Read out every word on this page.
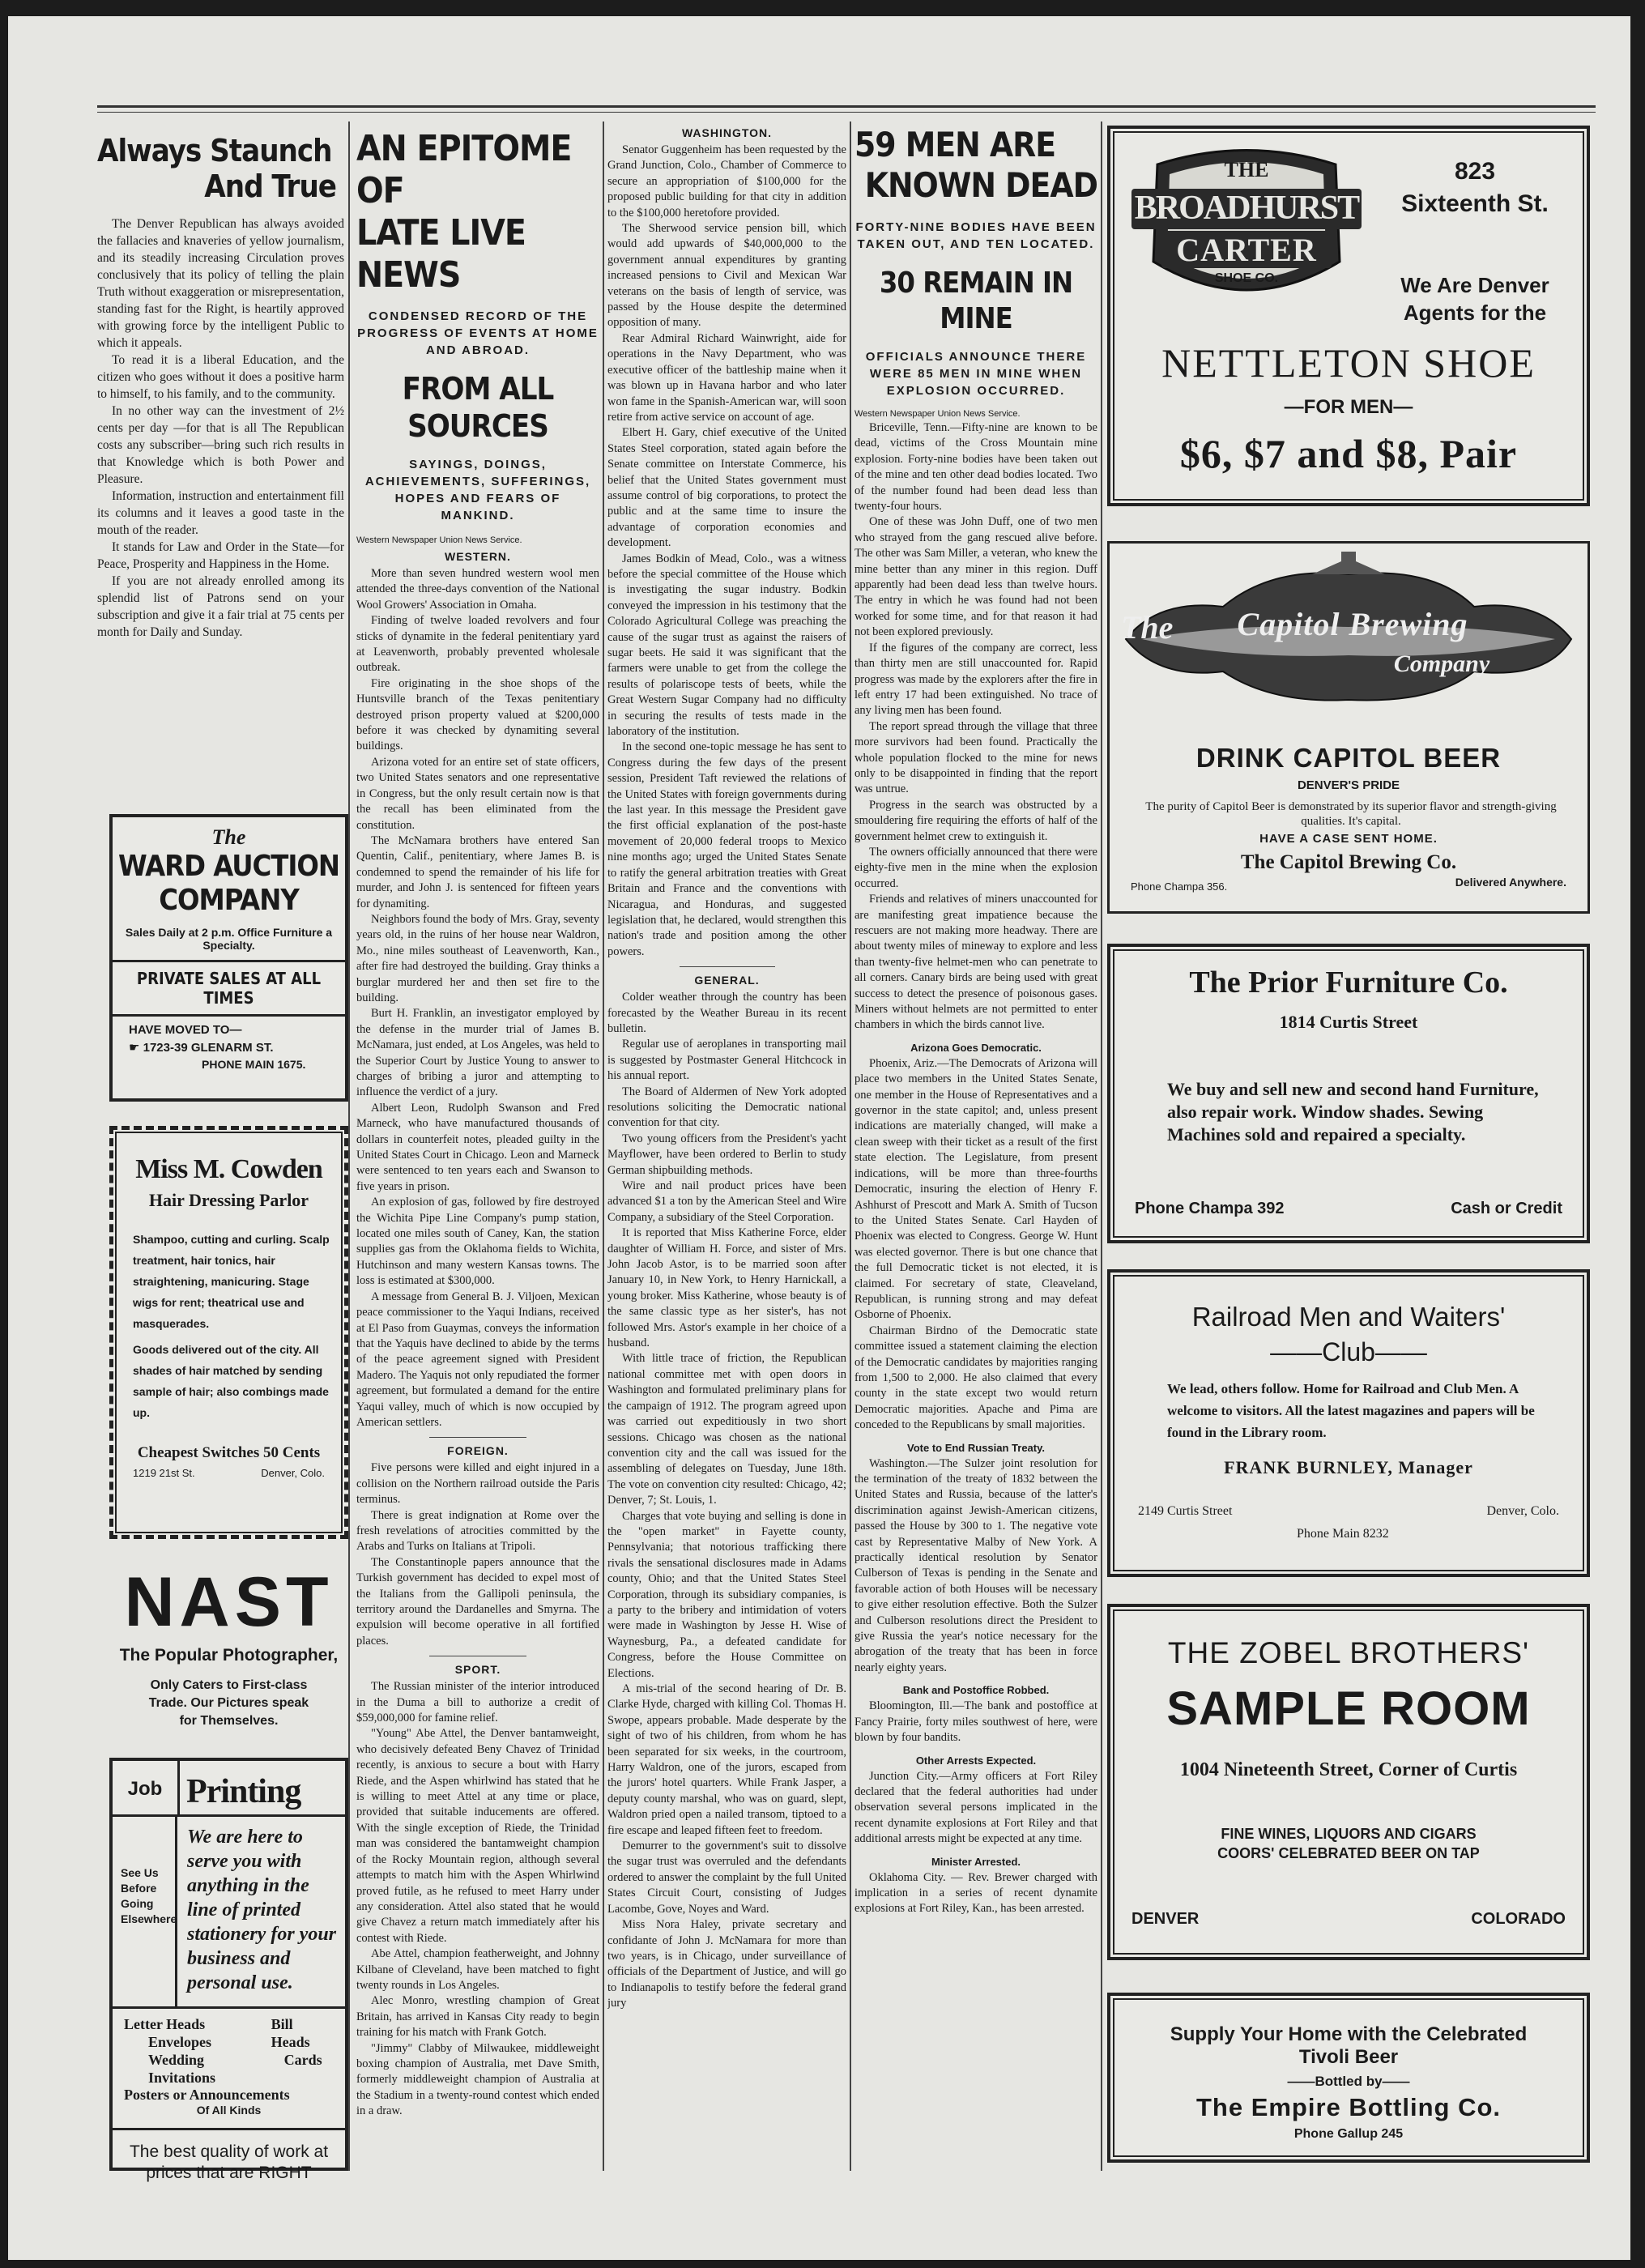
Always Staunch
And True

The Denver Republican has always avoided the fallacies and knaveries of yellow journalism, and its steadily increasing Circulation proves conclusively that its policy of telling the plain Truth without exaggeration or misrepresentation, standing fast for the Right, is heartily approved with growing force by the intelligent Public to which it appeals.

To read it is a liberal Education, and the citizen who goes without it does a positive harm to himself, to his family, and to the community.

In no other way can the investment of 2½ cents per day —for that is all The Republican costs any subscriber—bring such rich results in that Knowledge which is both Power and Pleasure.

Information, instruction and entertainment fill its columns and it leaves a good taste in the mouth of the reader.

It stands for Law and Order in the State—for Peace, Prosperity and Happiness in the Home.

If you are not already enrolled among its splendid list of Patrons send on your subscription and give it a fair trial at 75 cents per month for Daily and Sunday.

The
WARD AUCTION
COMPANY
Sales Daily at 2 p.m. Office Furniture a Specialty.
PRIVATE SALES AT ALL TIMES
HAVE MOVED TO—
☛ 1723-39 GLENARM ST.
PHONE MAIN 1675.
Miss M. Cowden
Hair Dressing Parlor
Shampoo, cutting and curling. Scalp treatment, hair tonics, hair straightening, manicuring. Stage wigs for rent; theatrical use and masquerades.
Goods delivered out of the city. All shades of hair matched by sending sample of hair; also combings made up.
Cheapest Switches 50 Cents
1219 21st St.	Denver, Colo.
NAST
The Popular Photographer,
Only Caters to First-class Trade. Our Pictures speak for Themselves.
Job Printing
See Us Before Going Elsewhere
We are here to serve you with anything in the line of printed stationery for your business and personal use.
Letter Heads
Envelopes
Wedding Invitations
Bill Heads
Cards
Posters or Announcements
Of All Kinds
The best quality of work at prices that are RIGHT
AN EPITOME OF
LATE LIVE NEWS
CONDENSED RECORD OF THE PROGRESS OF EVENTS AT HOME AND ABROAD.
FROM ALL SOURCES
SAYINGS, DOINGS, ACHIEVEMENTS, SUFFERINGS, HOPES AND FEARS OF MANKIND.
Western Newspaper Union News Service.
WESTERN.

More than seven hundred western wool men attended the three-days convention of the National Wool Growers' Association in Omaha.

Finding of twelve loaded revolvers and four sticks of dynamite in the federal penitentiary yard at Leavenworth, probably prevented wholesale outbreak.

Fire originating in the shoe shops of the Huntsville branch of the Texas penitentiary destroyed prison property valued at $200,000 before it was checked by dynamiting several buildings.

Arizona voted for an entire set of state officers, two United States senators and one representative in Congress, but the only result certain now is that the recall has been eliminated from the constitution.

The McNamara brothers have entered San Quentin, Calif., penitentiary, where James B. is condemned to spend the remainder of his life for murder, and John J. is sentenced for fifteen years for dynamiting.

Neighbors found the body of Mrs. Gray, seventy years old, in the ruins of her house near Waldron, Mo., nine miles southeast of Leavenworth, Kan., after fire had destroyed the building. Gray thinks a burglar murdered her and then set fire to the building.

Burt H. Franklin, an investigator employed by the defense in the murder trial of James B. McNamara, just ended, at Los Angeles, was held to the Superior Court by Justice Young to answer to charges of bribing a juror and attempting to influence the verdict of a jury.

Albert Leon, Rudolph Swanson and Fred Marneck, who have manufactured thousands of dollars in counterfeit notes, pleaded guilty in the United States Court in Chicago. Leon and Marneck were sentenced to ten years each and Swanson to five years in prison.

An explosion of gas, followed by fire destroyed the Wichita Pipe Line Company's pump station, located one miles south of Caney, Kan, the station supplies gas from the Oklahoma fields to Wichita, Hutchinson and many western Kansas towns. The loss is estimated at $300,000.

A message from General B. J. Viljoen, Mexican peace commissioner to the Yaqui Indians, received at El Paso from Guaymas, conveys the information that the Yaquis have declined to abide by the terms of the peace agreement signed with President Madero. The Yaquis not only repudiated the former agreement, but formulated a demand for the entire Yaqui valley, much of which is now occupied by American settlers.

FOREIGN.

Five persons were killed and eight injured in a collision on the Northern railroad outside the Paris terminus.

There is great indignation at Rome over the fresh revelations of atrocities committed by the Arabs and Turks on Italians at Tripoli.

The Constantinople papers announce that the Turkish government has decided to expel most of the Italians from the Gallipoli peninsula, the territory around the Dardanelles and Smyrna. The expulsion will become operative in all fortified places.

SPORT.

The Russian minister of the interior introduced in the Duma a bill to authorize a credit of $59,000,000 for famine relief.

"Young" Abe Attel, the Denver bantamweight, who decisively defeated Beny Chavez of Trinidad recently, is anxious to secure a bout with Harry Riede, and the Aspen whirlwind has stated that he is willing to meet Attel at any time or place, provided that suitable inducements are offered. With the single exception of Riede, the Trinidad man was considered the bantamweight champion of the Rocky Mountain region, although several attempts to match him with the Aspen Whirlwind proved futile, as he refused to meet Harry under any consideration. Attel also stated that he would give Chavez a return match immediately after his contest with Riede.

Abe Attel, champion featherweight, and Johnny Kilbane of Cleveland, have been matched to fight twenty rounds in Los Angeles.

Alec Monro, wrestling champion of Great Britain, has arrived in Kansas City ready to begin training for his match with Frank Gotch.

"Jimmy" Clabby of Milwaukee, middleweight boxing champion of Australia, met Dave Smith, formerly middleweight champion of Australia at the Stadium in a twenty-round contest which ended in a draw.

WASHINGTON.

Senator Guggenheim has been requested by the Grand Junction, Colo., Chamber of Commerce to secure an appropriation of $100,000 for the proposed public building for that city in addition to the $100,000 heretofore provided.

The Sherwood service pension bill, which would add upwards of $40,000,000 to the government annual expenditures by granting increased pensions to Civil and Mexican War veterans on the basis of length of service, was passed by the House despite the determined opposition of many.

Rear Admiral Richard Wainwright, aide for operations in the Navy Department, who was executive officer of the battleship maine when it was blown up in Havana harbor and who later won fame in the Spanish-American war, will soon retire from active service on account of age.

Elbert H. Gary, chief executive of the United States Steel corporation, stated again before the Senate committee on Interstate Commerce, his belief that the United States government must assume control of big corporations, to protect the public and at the same time to insure the advantage of corporation economies and development.

James Bodkin of Mead, Colo., was a witness before the special committee of the House which is investigating the sugar industry. Bodkin conveyed the impression in his testimony that the Colorado Agricultural College was preaching the cause of the sugar trust as against the raisers of sugar beets. He said it was significant that the farmers were unable to get from the college the results of polariscope tests of beets, while the Great Western Sugar Company had no difficulty in securing the results of tests made in the laboratory of the institution.

In the second one-topic message he has sent to Congress during the few days of the present session, President Taft reviewed the relations of the United States with foreign governments during the last year. In this message the President gave the first official explanation of the post-haste movement of 20,000 federal troops to Mexico nine months ago; urged the United States Senate to ratify the general arbitration treaties with Great Britain and France and the conventions with Nicaragua, and Honduras, and suggested legislation that, he declared, would strengthen this nation's trade and position among the other powers.

GENERAL.

Colder weather through the country has been forecasted by the Weather Bureau in its recent bulletin.

Regular use of aeroplanes in transporting mail is suggested by Postmaster General Hitchcock in his annual report.

The Board of Aldermen of New York adopted resolutions soliciting the Democratic national convention for that city.

Two young officers from the President's yacht Mayflower, have been ordered to Berlin to study German shipbuilding methods.

Wire and nail product prices have been advanced $1 a ton by the American Steel and Wire Company, a subsidiary of the Steel Corporation.

It is reported that Miss Katherine Force, elder daughter of William H. Force, and sister of Mrs. John Jacob Astor, is to be married soon after January 10, in New York, to Henry Harnickall, a young broker. Miss Katherine, whose beauty is of the same classic type as her sister's, has not followed Mrs. Astor's example in her choice of a husband.

With little trace of friction, the Republican national committee met with open doors in Washington and formulated preliminary plans for the campaign of 1912. The program agreed upon was carried out expeditiously in two short sessions. Chicago was chosen as the national convention city and the call was issued for the assembling of delegates on Tuesday, June 18th. The vote on convention city resulted: Chicago, 42; Denver, 7; St. Louis, 1.

Charges that vote buying and selling is done in the "open market" in Fayette county, Pennsylvania; that notorious trafficking there rivals the sensational disclosures made in Adams county, Ohio; and that the United States Steel Corporation, through its subsidiary companies, is a party to the bribery and intimidation of voters were made in Washington by Jesse H. Wise of Waynesburg, Pa., a defeated candidate for Congress, before the House Committee on Elections.

A mis-trial of the second hearing of Dr. B. Clarke Hyde, charged with killing Col. Thomas H. Swope, appears probable. Made desperate by the sight of two of his children, from whom he has been separated for six weeks, in the courtroom, Harry Waldron, one of the jurors, escaped from the jurors' hotel quarters. While Frank Jasper, a deputy county marshal, who was on guard, slept, Waldron pried open a nailed transom, tiptoed to a fire escape and leaped fifteen feet to freedom.

Demurrer to the government's suit to dissolve the sugar trust was overruled and the defendants ordered to answer the complaint by the full United States Circuit Court, consisting of Judges Lacombe, Gove, Noyes and Ward.

Miss Nora Haley, private secretary and confidante of John J. McNamara for more than two years, is in Chicago, under surveillance of officials of the Department of Justice, and will go to Indianapolis to testify before the federal grand jury

59 MEN ARE
KNOWN DEAD
FORTY-NINE BODIES HAVE BEEN TAKEN OUT, AND TEN LOCATED.
30 REMAIN IN MINE
OFFICIALS ANNOUNCE THERE WERE 85 MEN IN MINE WHEN EXPLOSION OCCURRED.
Western Newspaper Union News Service.

Briceville, Tenn.—Fifty-nine are known to be dead, victims of the Cross Mountain mine explosion. Forty-nine bodies have been taken out of the mine and ten other dead bodies located. Two of the number found had been dead less than twenty-four hours.

One of these was John Duff, one of two men who strayed from the gang rescued alive before. The other was Sam Miller, a veteran, who knew the mine better than any miner in this region. Duff apparently had been dead less than twelve hours. The entry in which he was found had not been worked for some time, and for that reason it had not been explored previously.

If the figures of the company are correct, less than thirty men are still unaccounted for. Rapid progress was made by the explorers after the fire in left entry 17 had been extinguished. No trace of any living men has been found.

The report spread through the village that three more survivors had been found. Practically the whole population flocked to the mine for news only to be disappointed in finding that the report was untrue.

Progress in the search was obstructed by a smouldering fire requiring the efforts of half of the government helmet crew to extinguish it.

The owners officially announced that there were eighty-five men in the mine when the explosion occurred.

Friends and relatives of miners unaccounted for are manifesting great impatience because the rescuers are not making more headway. There are about twenty miles of mineway to explore and less than twenty-five helmet-men who can penetrate to all corners. Canary birds are being used with great success to detect the presence of poisonous gases. Miners without helmets are not permitted to enter chambers in which the birds cannot live.

Arizona Goes Democratic.

Phoenix, Ariz.—The Democrats of Arizona will place two members in the United States Senate, one member in the House of Representatives and a governor in the state capitol; and, unless present indications are materially changed, will make a clean sweep with their ticket as a result of the first state election. The Legislature, from present indications, will be more than three-fourths Democratic, insuring the election of Henry F. Ashhurst of Prescott and Mark A. Smith of Tucson to the United States Senate. Carl Hayden of Phoenix was elected to Congress. George W. Hunt was elected governor. There is but one chance that the full Democratic ticket is not elected, it is claimed. For secretary of state, Cleaveland, Republican, is running strong and may defeat Osborne of Phoenix.

Chairman Birdno of the Democratic state committee issued a statement claiming the election of the Democratic candidates by majorities ranging from 1,500 to 2,000. He also claimed that every county in the state except two would return Democratic majorities. Apache and Pima are conceded to the Republicans by small majorities.

Vote to End Russian Treaty.

Washington.—The Sulzer joint resolution for the termination of the treaty of 1832 between the United States and Russia, because of the latter's discrimination against Jewish-American citizens, passed the House by 300 to 1. The negative vote cast by Representative Malby of New York. A practically identical resolution by Senator Culberson of Texas is pending in the Senate and favorable action of both Houses will be necessary to give either resolution effective. Both the Sulzer and Culberson resolutions direct the President to give Russia the year's notice necessary for the abrogation of the treaty that has been in force nearly eighty years.

Bank and Postoffice Robbed.

Bloomington, Ill.—The bank and postoffice at Fancy Prairie, forty miles southwest of here, were blown by four bandits.

Other Arrests Expected.

Junction City.—Army officers at Fort Riley declared that the federal authorities had under observation several persons implicated in the recent dynamite explosions at Fort Riley and that additional arrests might be expected at any time.

Minister Arrested.

Oklahoma City. — Rev. Brewer charged with implication in a series of recent dynamite explosions at Fort Riley, Kan., has been arrested.

THE
BROADHURST
CARTER
SHOE CO.
823
Sixteenth St.
We Are Denver Agents for the
NETTLETON SHOE
—FOR MEN—
$6, $7 and $8, Pair
The	Capitol Brewing
Company
DRINK CAPITOL BEER
DENVER'S PRIDE
The purity of Capitol Beer is demonstrated by its superior flavor and strength-giving qualities. It's capital.
HAVE A CASE SENT HOME.
The Capitol Brewing Co.
Phone Champa 356.	Delivered Anywhere.
The Prior Furniture Co.
1814 Curtis Street
We buy and sell new and second hand Furniture, also repair work. Window shades. Sewing Machines sold and repaired a specialty.
Phone Champa 392	Cash or Credit
Railroad Men and Waiters'
——Club——
We lead, others follow. Home for Railroad and Club Men. A welcome to visitors. All the latest magazines and papers will be found in the Library room.
FRANK BURNLEY, Manager
2149 Curtis Street	Denver, Colo.
Phone Main 8232
THE ZOBEL BROTHERS'
SAMPLE ROOM
1004 Nineteenth Street, Corner of Curtis
FINE WINES, LIQUORS AND CIGARS
COORS' CELEBRATED BEER ON TAP
DENVER	COLORADO
Supply Your Home with the Celebrated
Tivoli Beer
——Bottled by——
The Empire Bottling Co.
Phone Gallup 245
